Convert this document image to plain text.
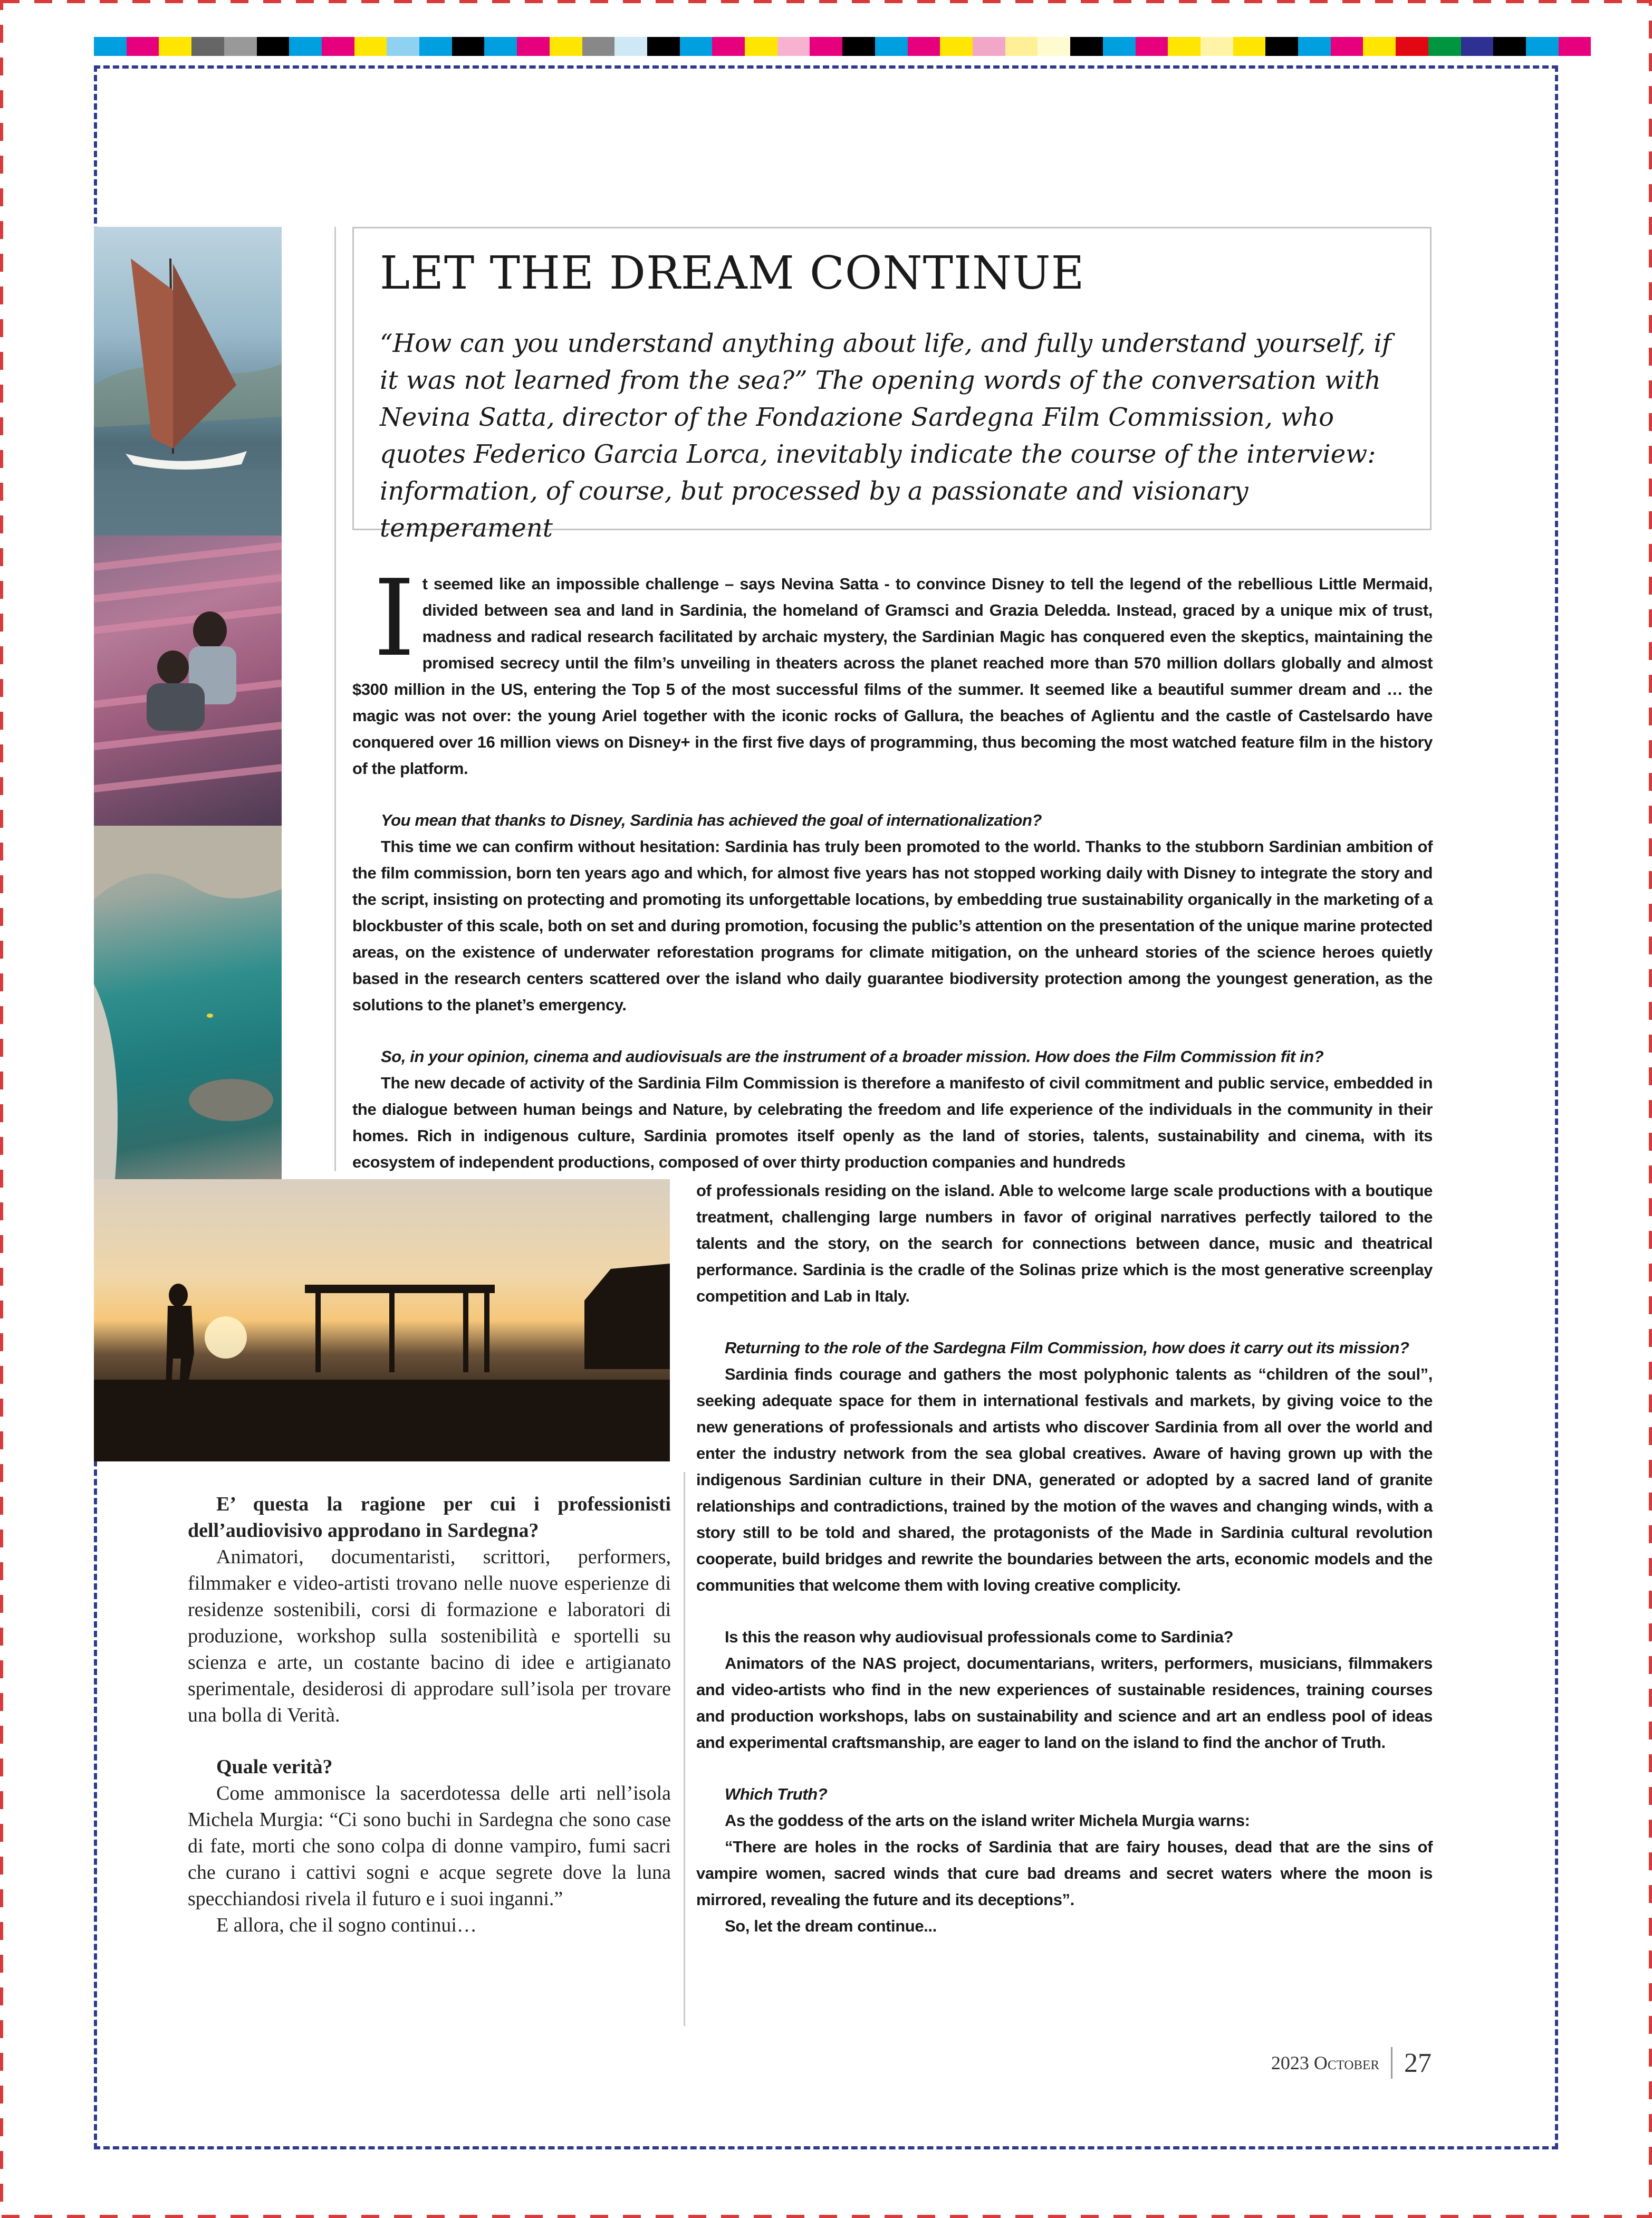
LET THE DREAM CONTINUE

“How can you understand anything about life, and fully understand yourself, if it was not learned from the sea?” The opening words of the conversation with Nevina Satta, director of the Fondazione Sardegna Film Commission, who quotes Federico Garcia Lorca, inevitably indicate the course of the interview: information, of course, but processed by a passionate and visionary temperament

It seemed like an impossible challenge – says Nevina Satta - to convince Disney to tell the legend of the rebellious Little Mermaid, divided between sea and land in Sardinia, the homeland of Gramsci and Grazia Deledda. Instead, graced by a unique mix of trust, madness and radical research facilitated by archaic mystery, the Sardinian Magic has conquered even the skeptics, maintaining the promised secrecy until the film’s unveiling in theaters across the planet reached more than 570 million dollars globally and almost $300 million in the US, entering the Top 5 of the most successful films of the summer. It seemed like a beautiful summer dream and … the magic was not over: the young Ariel together with the iconic rocks of Gallura, the beaches of Aglientu and the castle of Castelsardo have conquered over 16 million views on Disney+ in the first five days of programming, thus becoming the most watched feature film in the history of the platform.

You mean that thanks to Disney, Sardinia has achieved the goal of internationalization?

This time we can confirm without hesitation: Sardinia has truly been promoted to the world. Thanks to the stubborn Sardinian ambition of the film commission, born ten years ago and which, for almost five years has not stopped working daily with Disney to integrate the story and the script, insisting on protecting and promoting its unforgettable locations, by embedding true sustainability organically in the marketing of a blockbuster of this scale, both on set and during promotion, focusing the public’s attention on the presentation of the unique marine protected areas, on the existence of underwater reforestation programs for climate mitigation, on the unheard stories of the science heroes quietly based in the research centers scattered over the island who daily guarantee biodiversity protection among the youngest generation, as the solutions to the planet’s emergency.

So, in your opinion, cinema and audiovisuals are the instrument of a broader mission. How does the Film Commission fit in?

The new decade of activity of the Sardinia Film Commission is therefore a manifesto of civil commitment and public service, embedded in the dialogue between human beings and Nature, by celebrating the freedom and life experience of the individuals in the community in their homes. Rich in indigenous culture, Sardinia promotes itself openly as the land of stories, talents, sustainability and cinema, with its ecosystem of independent productions, composed of over thirty production companies and hundreds

of professionals residing on the island. Able to welcome large scale productions with a boutique treatment, challenging large numbers in favor of original narratives perfectly tailored to the talents and the story, on the search for connections between dance, music and theatrical performance. Sardinia is the cradle of the Solinas prize which is the most generative screenplay competition and Lab in Italy.

Returning to the role of the Sardegna Film Commission, how does it carry out its mission?

Sardinia finds courage and gathers the most polyphonic talents as “children of the soul”, seeking adequate space for them in international festivals and markets, by giving voice to the new generations of professionals and artists who discover Sardinia from all over the world and enter the industry network from the sea global creatives. Aware of having grown up with the indigenous Sardinian culture in their DNA, generated or adopted by a sacred land of granite relationships and contradictions, trained by the motion of the waves and changing winds, with a story still to be told and shared, the protagonists of the Made in Sardinia cultural revolution cooperate, build bridges and rewrite the boundaries between the arts, economic models and the communities that welcome them with loving creative complicity.

Is this the reason why audiovisual professionals come to Sardinia?

Animators of the NAS project, documentarians, writers, performers, musicians, filmmakers and video-artists who find in the new experiences of sustainable residences, training courses and production workshops, labs on sustainability and science and art an endless pool of ideas and experimental craftsmanship, are eager to land on the island to find the anchor of Truth.

Which Truth?

As the goddess of the arts on the island writer Michela Murgia warns:

“There are holes in the rocks of Sardinia that are fairy houses, dead that are the sins of vampire women, sacred winds that cure bad dreams and secret waters where the moon is mirrored, revealing the future and its deceptions”.

So, let the dream continue...

E’ questa la ragione per cui i professionisti dell’audiovisivo approdano in Sardegna?

Animatori, documentaristi, scrittori, performers, filmmaker e video-artisti trovano nelle nuove esperienze di residenze sostenibili, corsi di formazione e laboratori di produzione, workshop sulla sostenibilità e sportelli su scienza e arte, un costante bacino di idee e artigianato sperimentale, desiderosi di approdare sull’isola per trovare una bolla di Verità.

Quale verità?

Come ammonisce la sacerdotessa delle arti nell’isola Michela Murgia: “Ci sono buchi in Sardegna che sono case di fate, morti che sono colpa di donne vampiro, fumi sacri che curano i cattivi sogni e acque segrete dove la luna specchiandosi rivela il futuro e i suoi inganni.”

E allora, che il sogno continui…

2023 October 27
